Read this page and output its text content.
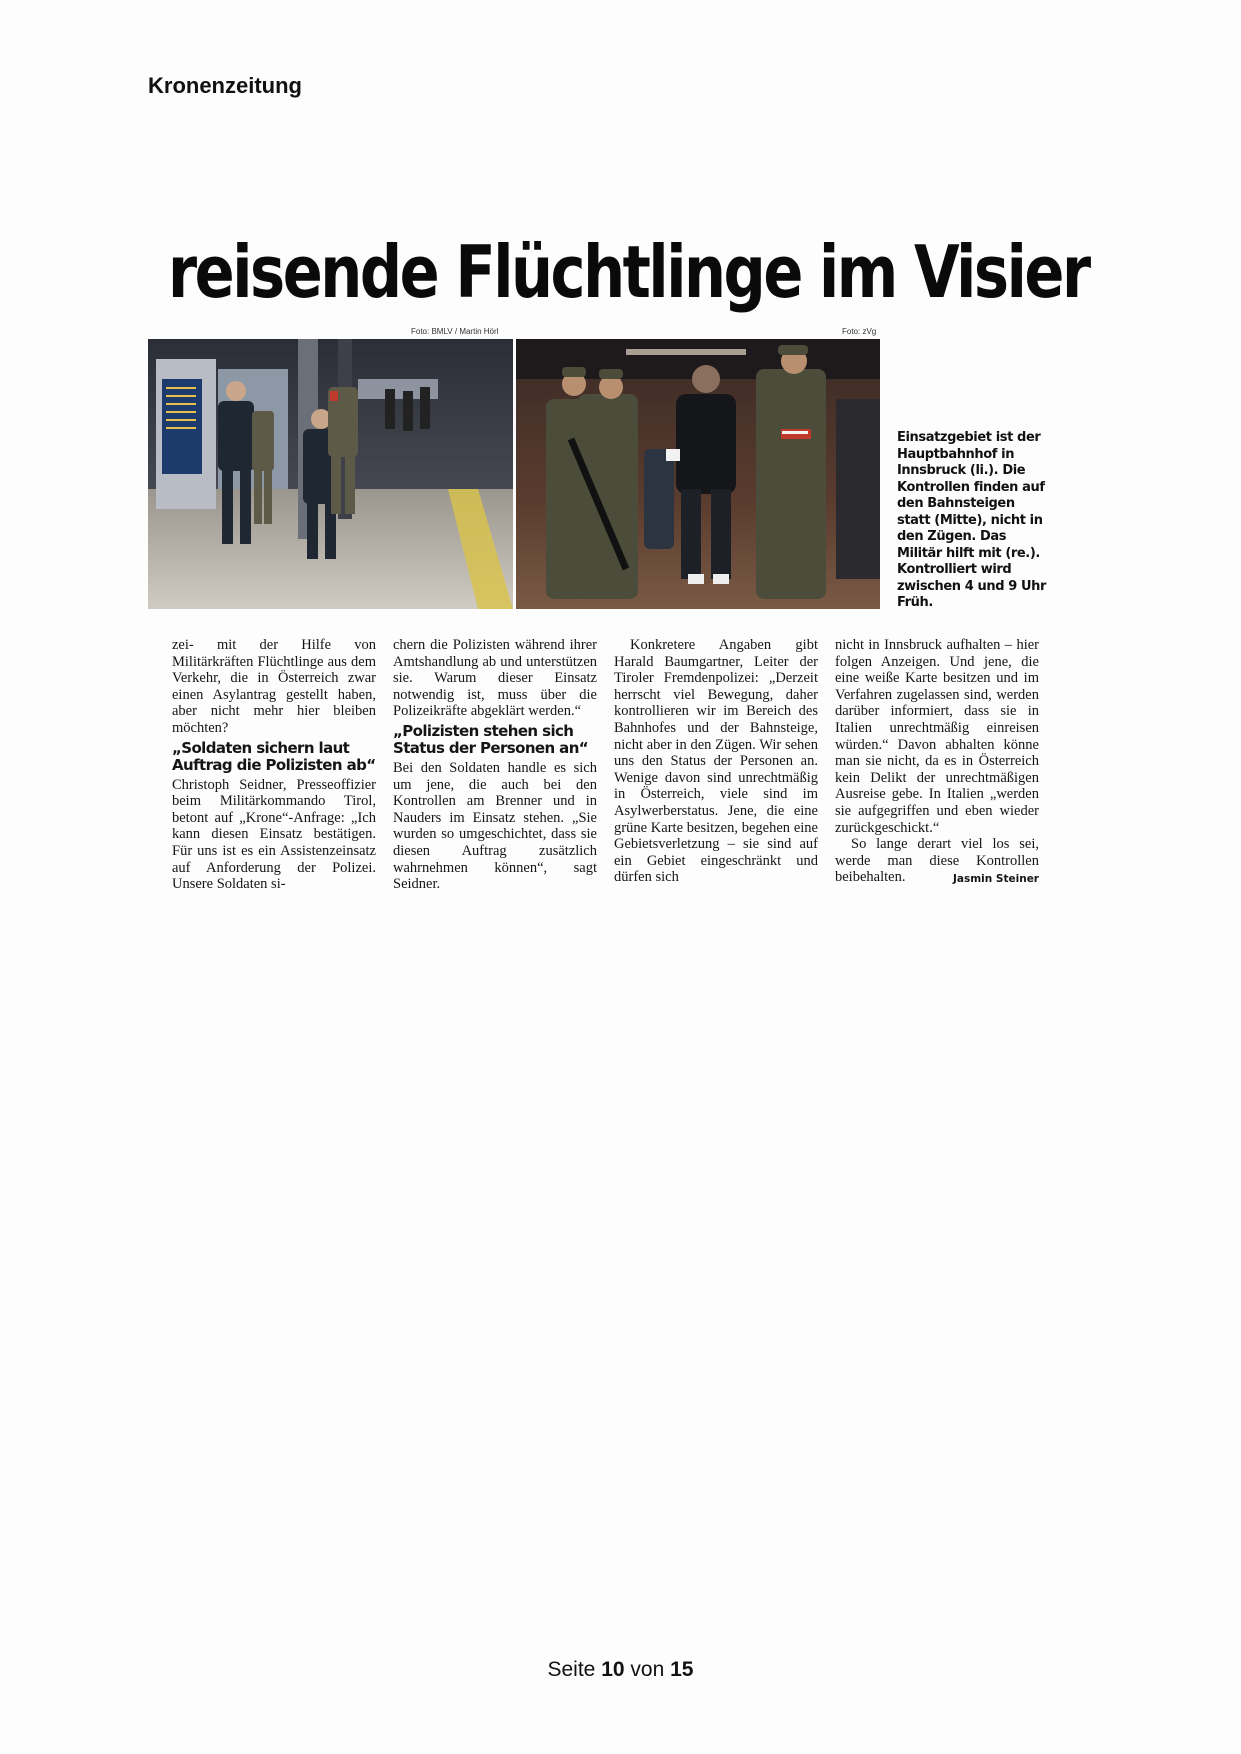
Kronenzeitung
reisende Flüchtlinge im Visier
Foto: BMLV / Martin Hörl	Foto: zVg
Einsatzgebiet ist der Hauptbahnhof in Innsbruck (li.). Die Kontrollen finden auf den Bahnsteigen statt (Mitte), nicht in den Zügen. Das Militär hilft mit (re.). Kontrolliert wird zwischen 4 und 9 Uhr Früh.

zei- mit der Hilfe von Militärkräften Flüchtlinge aus dem Verkehr, die in Österreich zwar einen Asylantrag gestellt haben, aber nicht mehr hier bleiben möchten?

„Soldaten sichern laut Auftrag die Polizisten ab“

Christoph Seidner, Presseoffizier beim Militärkommando Tirol, betont auf „Krone“-Anfrage: „Ich kann diesen Einsatz bestätigen. Für uns ist es ein Assistenzeinsatz auf Anforderung der Polizei. Unsere Soldaten si-

chern die Polizisten während ihrer Amtshandlung ab und unterstützen sie. Warum dieser Einsatz notwendig ist, muss über die Polizeikräfte abgeklärt werden.“

„Polizisten stehen sich Status der Personen an“

Bei den Soldaten handle es sich um jene, die auch bei den Kontrollen am Brenner und in Nauders im Einsatz stehen. „Sie wurden so umgeschichtet, dass sie diesen Auftrag zusätzlich wahrnehmen können“, sagt Seidner.

Konkretere Angaben gibt Harald Baumgartner, Leiter der Tiroler Fremdenpolizei: „Derzeit herrscht viel Bewegung, daher kontrollieren wir im Bereich des Bahnhofes und der Bahnsteige, nicht aber in den Zügen. Wir sehen uns den Status der Personen an. Wenige davon sind unrechtmäßig in Österreich, viele sind im Asylwerberstatus. Jene, die eine grüne Karte besitzen, begehen eine Gebietsverletzung – sie sind auf ein Gebiet eingeschränkt und dürfen sich

nicht in Innsbruck aufhalten – hier folgen Anzeigen. Und jene, die eine weiße Karte besitzen und im Verfahren zugelassen sind, werden darüber informiert, dass sie in Italien unrechtmäßig einreisen würden.“ Davon abhalten könne man sie nicht, da es in Österreich kein Delikt der unrechtmäßigen Ausreise gebe. In Italien „werden sie aufgegriffen und eben wieder zurückgeschickt.“

So lange derart viel los sei, werde man diese Kontrollen beibehalten.	Jasmin Steiner

Seite 10 von 15
